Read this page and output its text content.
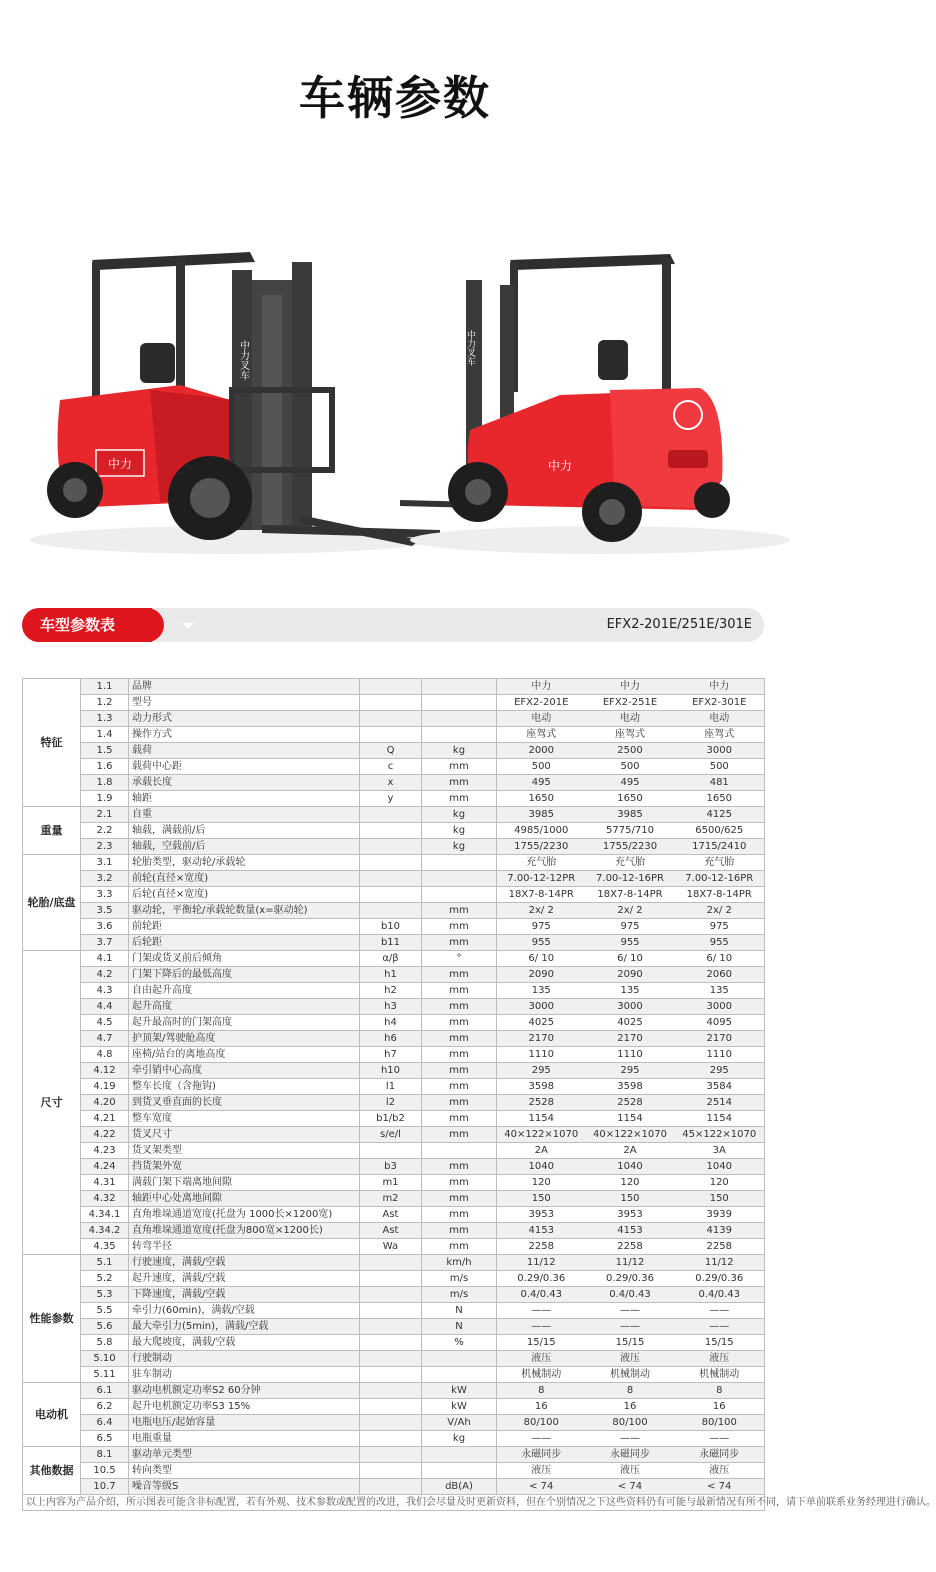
车辆参数
中力
中力叉车	中力叉车
中力
车型参数表	EFX2-201E/251E/301E
特征	1.1	品牌			中力	中力	中力
	1.2	型号			EFX2-201E	EFX2-251E	EFX2-301E
	1.3	动力形式			电动	电动	电动
	1.4	操作方式			座驾式	座驾式	座驾式
	1.5	载荷	Q	kg	2000	2500	3000
	1.6	载荷中心距	c	mm	500	500	500
	1.8	承载长度	x	mm	495	495	481
	1.9	轴距	y	mm	1650	1650	1650
重量	2.1	自重		kg	3985	3985	4125
	2.2	轴载，满载前/后		kg	4985/1000	5775/710	6500/625
	2.3	轴载，空载前/后		kg	1755/2230	1755/2230	1715/2410
轮胎/底盘	3.1	轮胎类型，驱动轮/承载轮			充气胎	充气胎	充气胎
	3.2	前轮(直径×宽度)			7.00-12-12PR	7.00-12-16PR	7.00-12-16PR
	3.3	后轮(直径×宽度)			18X7-8-14PR	18X7-8-14PR	18X7-8-14PR
	3.5	驱动轮，平衡轮/承载轮数量(x=驱动轮)		mm	2x/ 2	2x/ 2	2x/ 2
	3.6	前轮距	b10	mm	975	975	975
	3.7	后轮距	b11	mm	955	955	955
尺寸	4.1	门架或货叉前后倾角	α/β	°	6/ 10	6/ 10	6/ 10
	4.2	门架下降后的最低高度	h1	mm	2090	2090	2060
	4.3	自由起升高度	h2	mm	135	135	135
	4.4	起升高度	h3	mm	3000	3000	3000
	4.5	起升最高时的门架高度	h4	mm	4025	4025	4095
	4.7	护顶架/驾驶舱高度	h6	mm	2170	2170	2170
	4.8	座椅/站台的离地高度	h7	mm	1110	1110	1110
	4.12	牵引销中心高度	h10	mm	295	295	295
	4.19	整车长度（含拖钩)	l1	mm	3598	3598	3584
	4.20	到货叉垂直面的长度	l2	mm	2528	2528	2514
	4.21	整车宽度	b1/b2	mm	1154	1154	1154
	4.22	货叉尺寸	s/e/l	mm	40×122×1070	40×122×1070	45×122×1070
	4.23	货叉架类型			2A	2A	3A
	4.24	挡货架外宽	b3	mm	1040	1040	1040
	4.31	满载门架下端离地间隙	m1	mm	120	120	120
	4.32	轴距中心处离地间隙	m2	mm	150	150	150
	4.34.1	直角堆垛通道宽度(托盘为 1000长×1200宽)	Ast	mm	3953	3953	3939
	4.34.2	直角堆垛通道宽度(托盘为800宽×1200长)	Ast	mm	4153	4153	4139
	4.35	转弯半径	Wa	mm	2258	2258	2258
性能参数	5.1	行驶速度，满载/空载		km/h	11/12	11/12	11/12
	5.2	起升速度，满载/空载		m/s	0.29/0.36	0.29/0.36	0.29/0.36
	5.3	下降速度，满载/空载		m/s	0.4/0.43	0.4/0.43	0.4/0.43
	5.5	牵引力(60min)，满载/空载		N	——	——	——
	5.6	最大牵引力(5min)，满载/空载		N	——	——	——
	5.8	最大爬坡度，满载/空载		%	15/15	15/15	15/15
	5.10	行驶制动			液压	液压	液压
	5.11	驻车制动			机械制动	机械制动	机械制动
电动机	6.1	驱动电机额定功率S2 60分钟		kW	8	8	8
	6.2	起升电机额定功率S3 15%		kW	16	16	16
	6.4	电瓶电压/起始容量		V/Ah	80/100	80/100	80/100
	6.5	电瓶重量		kg	——	——	——
其他数据	8.1	驱动单元类型			永磁同步	永磁同步	永磁同步
	10.5	转向类型			液压	液压	液压
	10.7	噪音等级S		dB(A)	< 74	< 74	< 74
以上内容为产品介绍，所示图表可能含非标配置，若有外观、技术参数或配置的改进，我们会尽量及时更新资料，但在个别情况之下这些资料仍有可能与最新情况有所不同，请下单前联系业务经理进行确认。							
